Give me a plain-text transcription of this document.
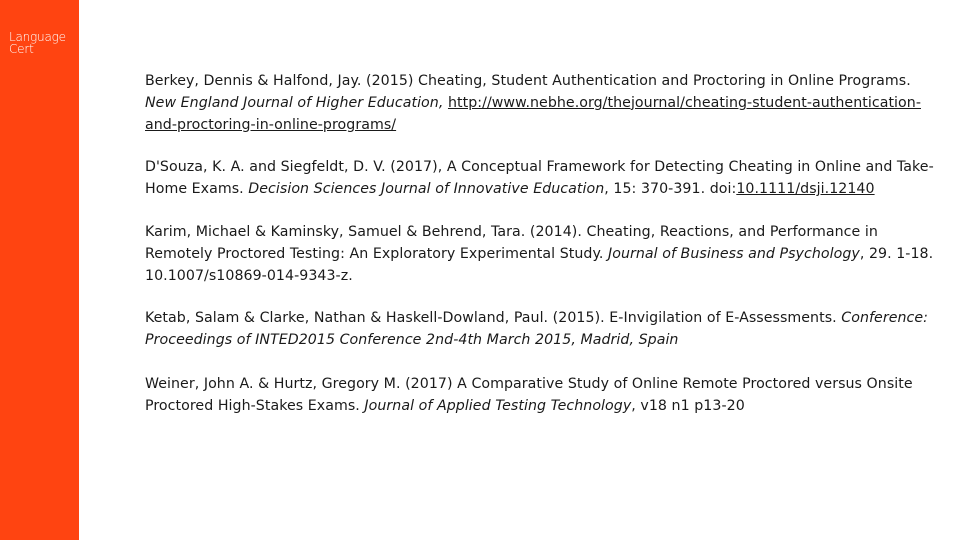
Language
Cert

Berkey, Dennis & Halfond, Jay. (2015) Cheating, Student Authentication and Proctoring in Online Programs. New England Journal of Higher Education, http://www.nebhe.org/thejournal/cheating-student-authentication-and-proctoring-in-online-programs/

D'Souza, K. A. and Siegfeldt, D. V. (2017), A Conceptual Framework for Detecting Cheating in Online and Take-Home Exams. Decision Sciences Journal of Innovative Education, 15: 370-391. doi:10.1111/dsji.12140

Karim, Michael & Kaminsky, Samuel & Behrend, Tara. (2014). Cheating, Reactions, and Performance in Remotely Proctored Testing: An Exploratory Experimental Study. Journal of Business and Psychology, 29. 1-18. 10.1007/s10869-014-9343-z.

Ketab, Salam & Clarke, Nathan & Haskell-Dowland, Paul. (2015). E-Invigilation of E-Assessments. Conference: Proceedings of INTED2015 Conference 2nd-4th March 2015, Madrid, Spain

Weiner, John A. & Hurtz, Gregory M. (2017) A Comparative Study of Online Remote Proctored versus Onsite Proctored High-Stakes Exams. Journal of Applied Testing Technology, v18 n1 p13-20
